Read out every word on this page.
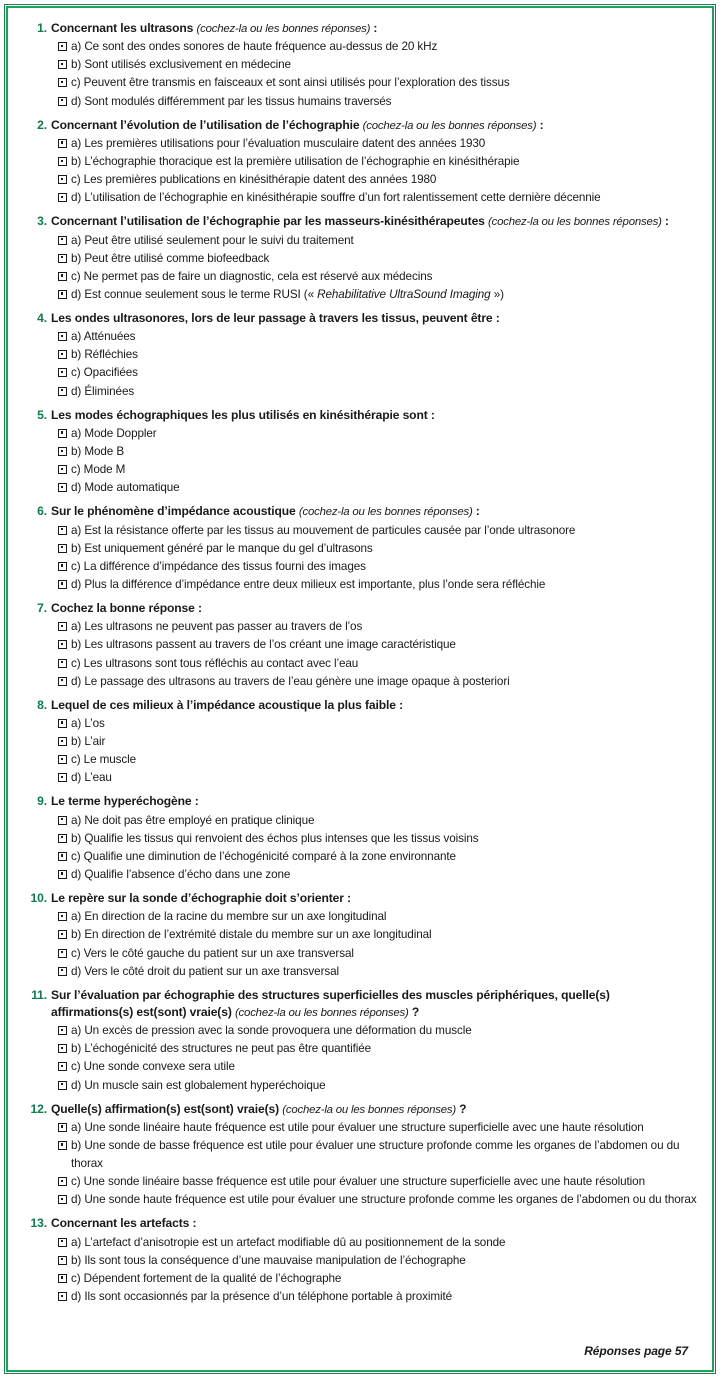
1. Concernant les ultrasons (cochez-la ou les bonnes réponses) :
a) Ce sont des ondes sonores de haute fréquence au-dessus de 20 kHz
b) Sont utilisés exclusivement en médecine
c) Peuvent être transmis en faisceaux et sont ainsi utilisés pour l’exploration des tissus
d) Sont modulés différemment par les tissus humains traversés
2. Concernant l’évolution de l’utilisation de l’échographie (cochez-la ou les bonnes réponses) :
a) Les premières utilisations pour l’évaluation musculaire datent des années 1930
b) L’échographie thoracique est la première utilisation de l’échographie en kinésithérapie
c) Les premières publications en kinésithérapie datent des années 1980
d) L’utilisation de l’échographie en kinésithérapie souffre d’un fort ralentissement cette dernière décennie
3. Concernant l’utilisation de l’échographie par les masseurs-kinésithérapeutes (cochez-la ou les bonnes réponses) :
a) Peut être utilisé seulement pour le suivi du traitement
b) Peut être utilisé comme biofeedback
c) Ne permet pas de faire un diagnostic, cela est réservé aux médecins
d) Est connue seulement sous le terme RUSI (« Rehabilitative UltraSound Imaging »)
4. Les ondes ultrasonores, lors de leur passage à travers les tissus, peuvent être :
a) Atténuées
b) Réfléchies
c) Opacifiées
d) Éliminées
5. Les modes échographiques les plus utilisés en kinésithérapie sont :
a) Mode Doppler
b) Mode B
c) Mode M
d) Mode automatique
6. Sur le phénomène d’impédance acoustique (cochez-la ou les bonnes réponses) :
a) Est la résistance offerte par les tissus au mouvement de particules causée par l’onde ultrasonore
b) Est uniquement généré par le manque du gel d’ultrasons
c) La différence d’impédance des tissus fourni des images
d) Plus la différence d’impédance entre deux milieux est importante, plus l’onde sera réfléchie
7. Cochez la bonne réponse :
a) Les ultrasons ne peuvent pas passer au travers de l’os
b) Les ultrasons passent au travers de l’os créant une image caractéristique
c) Les ultrasons sont tous réfléchis au contact avec l’eau
d) Le passage des ultrasons au travers de l’eau génère une image opaque à posteriori
8. Lequel de ces milieux à l’impédance acoustique la plus faible :
a) L’os
b) L’air
c) Le muscle
d) L’eau
9. Le terme hyperéchogène :
a) Ne doit pas être employé en pratique clinique
b) Qualifie les tissus qui renvoient des échos plus intenses que les tissus voisins
c) Qualifie une diminution de l’échogénicité comparé à la zone environnante
d) Qualifie l’absence d’écho dans une zone
10. Le repère sur la sonde d’échographie doit s’orienter :
a) En direction de la racine du membre sur un axe longitudinal
b) En direction de l’extrémité distale du membre sur un axe longitudinal
c) Vers le côté gauche du patient sur un axe transversal
d) Vers le côté droit du patient sur un axe transversal
11. Sur l’évaluation par échographie des structures superficielles des muscles périphériques, quelle(s) affirmations(s) est(sont) vraie(s) (cochez-la ou les bonnes réponses) ?
a) Un excès de pression avec la sonde provoquera une déformation du muscle
b) L’échogénicité des structures ne peut pas être quantifiée
c) Une sonde convexe sera utile
d) Un muscle sain est globalement hyperéchoique
12. Quelle(s) affirmation(s) est(sont) vraie(s) (cochez-la ou les bonnes réponses) ?
a) Une sonde linéaire haute fréquence est utile pour évaluer une structure superficielle avec une haute résolution
b) Une sonde de basse fréquence est utile pour évaluer une structure profonde comme les organes de l’abdomen ou du thorax
c) Une sonde linéaire basse fréquence est utile pour évaluer une structure superficielle avec une haute résolution
d) Une sonde haute fréquence est utile pour évaluer une structure profonde comme les organes de l’abdomen ou du thorax
13. Concernant les artefacts :
a) L’artefact d’anisotropie est un artefact modifiable dû au positionnement de la sonde
b) Ils sont tous la conséquence d’une mauvaise manipulation de l’échographe
c) Dépendent fortement de la qualité de l’échographe
d) Ils sont occasionnés par la présence d’un téléphone portable à proximité
Réponses page 57
